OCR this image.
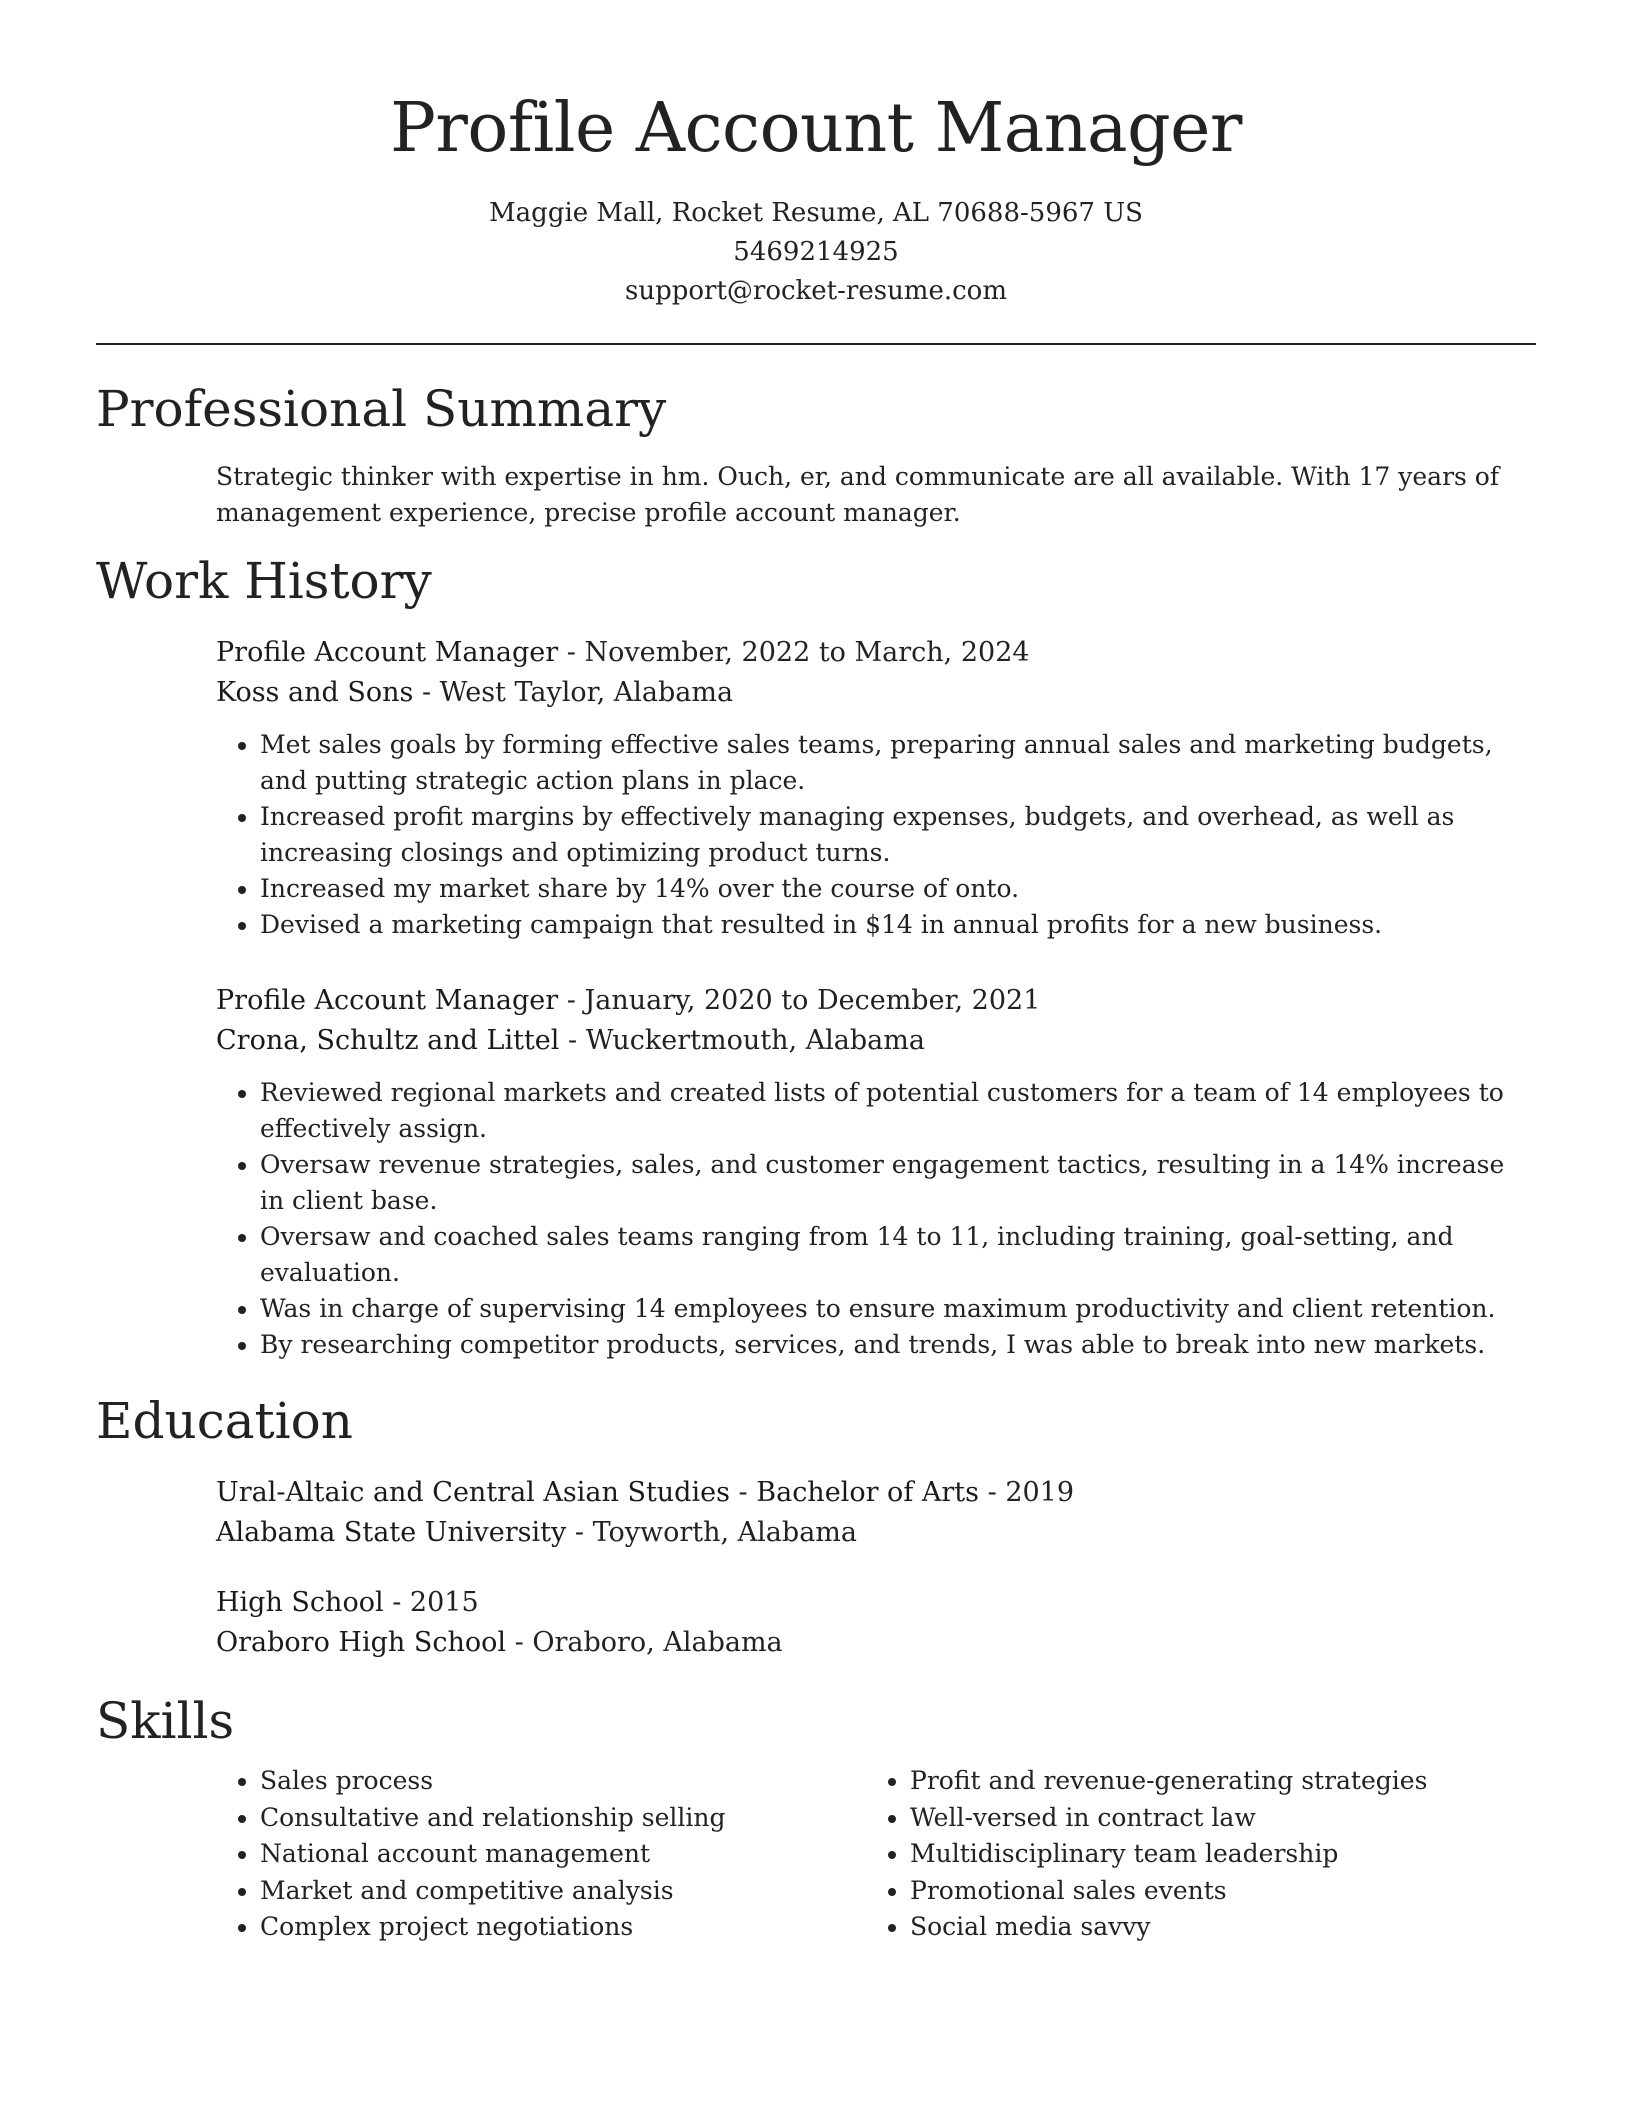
Profile Account Manager
Maggie Mall, Rocket Resume, AL 70688-5967 US
5469214925
support@rocket-resume.com
Professional Summary
Strategic thinker with expertise in hm. Ouch, er, and communicate are all available. With 17 years of management experience, precise profile account manager.
Work History
Profile Account Manager - November, 2022 to March, 2024
Koss and Sons - West Taylor, Alabama
• Met sales goals by forming effective sales teams, preparing annual sales and marketing budgets, and putting strategic action plans in place.
• Increased profit margins by effectively managing expenses, budgets, and overhead, as well as increasing closings and optimizing product turns.
• Increased my market share by 14% over the course of onto.
• Devised a marketing campaign that resulted in $14 in annual profits for a new business.
Profile Account Manager - January, 2020 to December, 2021
Crona, Schultz and Littel - Wuckertmouth, Alabama
• Reviewed regional markets and created lists of potential customers for a team of 14 employees to effectively assign.
• Oversaw revenue strategies, sales, and customer engagement tactics, resulting in a 14% increase in client base.
• Oversaw and coached sales teams ranging from 14 to 11, including training, goal-setting, and evaluation.
• Was in charge of supervising 14 employees to ensure maximum productivity and client retention.
• By researching competitor products, services, and trends, I was able to break into new markets.
Education
Ural-Altaic and Central Asian Studies - Bachelor of Arts - 2019
Alabama State University - Toyworth, Alabama
High School - 2015
Oraboro High School - Oraboro, Alabama
Skills
• Sales process
• Consultative and relationship selling
• National account management
• Market and competitive analysis
• Complex project negotiations
• Profit and revenue-generating strategies
• Well-versed in contract law
• Multidisciplinary team leadership
• Promotional sales events
• Social media savvy
